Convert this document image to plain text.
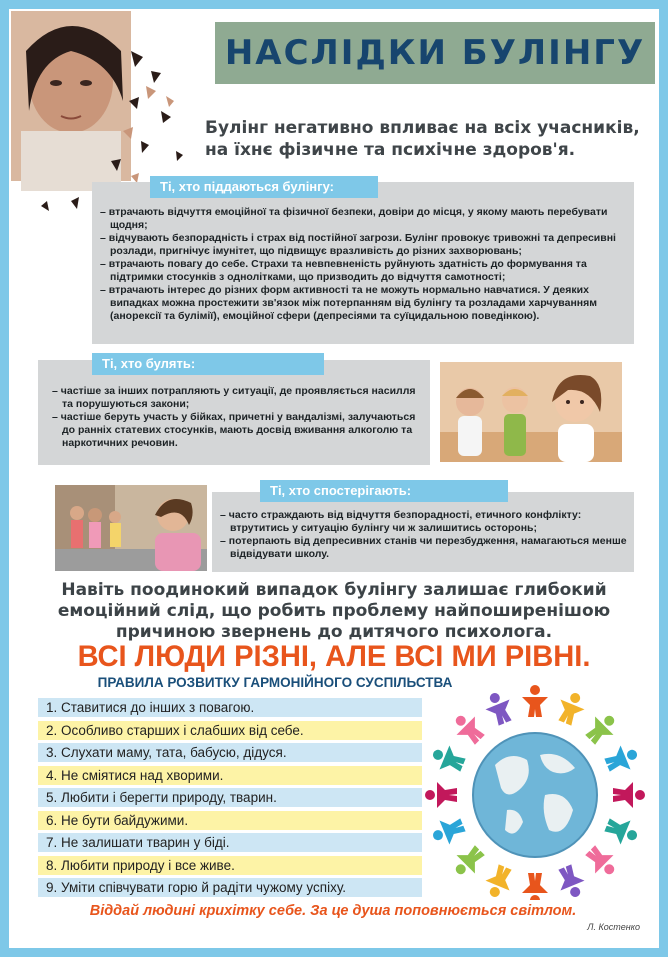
НАСЛІДКИ БУЛІНГУ
Булінг негативно впливає на всіх учасників, на їхнє фізичне та психічне здоров'я.
Ті, хто піддаються булінгу:
– втрачають відчуття емоційної та фізичної безпеки, довіри до місця, у якому мають перебувати щодня;
– відчувають безпорадність і страх від постійної загрози. Булінг провокує тривожні та депресивні розлади, пригнічує імунітет, що підвищує вразливість до різних захворювань;
– втрачають повагу до себе. Страхи та невпевненість руйнують здатність до формування та підтримки стосунків з однолітками, що призводить до відчуття самотності;
– втрачають інтерес до різних форм активності та не можуть нормально навчатися. У деяких випадках можна простежити зв'язок між потерпанням від булінгу та розладами харчуванням (анорексії та булімії), емоційної сфери (депресіями та суїцидальною поведінкою).
Ті, хто булять:
– частіше за інших потрапляють у ситуації, де проявляється насилля та порушуються закони;
– частіше беруть участь у бійках, причетні у вандалізмі, залучаються до ранніх статевих стосунків, мають досвід вживання алкоголю та наркотичних речовин.
Ті, хто спостерігають:
– часто страждають від відчуття безпорадності, етичного конфлікту: втрутитись у ситуацію булінгу чи ж залишитись осторонь;
– потерпають від депресивних станів чи перезбудження, намагаються менше відвідувати школу.
Навіть поодинокий випадок булінгу залишає глибокий емоційний слід, що робить проблему найпоширенішою причиною звернень до дитячого психолога.
ВСІ ЛЮДИ РІЗНІ, АЛЕ ВСІ МИ РІВНІ.
ПРАВИЛА РОЗВИТКУ ГАРМОНІЙНОГО СУСПІЛЬСТВА
1. Ставитися до інших з повагою.
2. Особливо старших і слабших від себе.
3. Слухати маму, тата, бабусю, дідуся.
4. Не сміятися над хворими.
5. Любити і берегти природу, тварин.
6. Не бути байдужими.
7. Не залишати тварин у біді.
8. Любити природу і все живе.
9. Уміти співчувати горю й радіти чужому успіху.
Віддай людині крихітку себе. За це душа поповнюється світлом.
Л. Костенко
